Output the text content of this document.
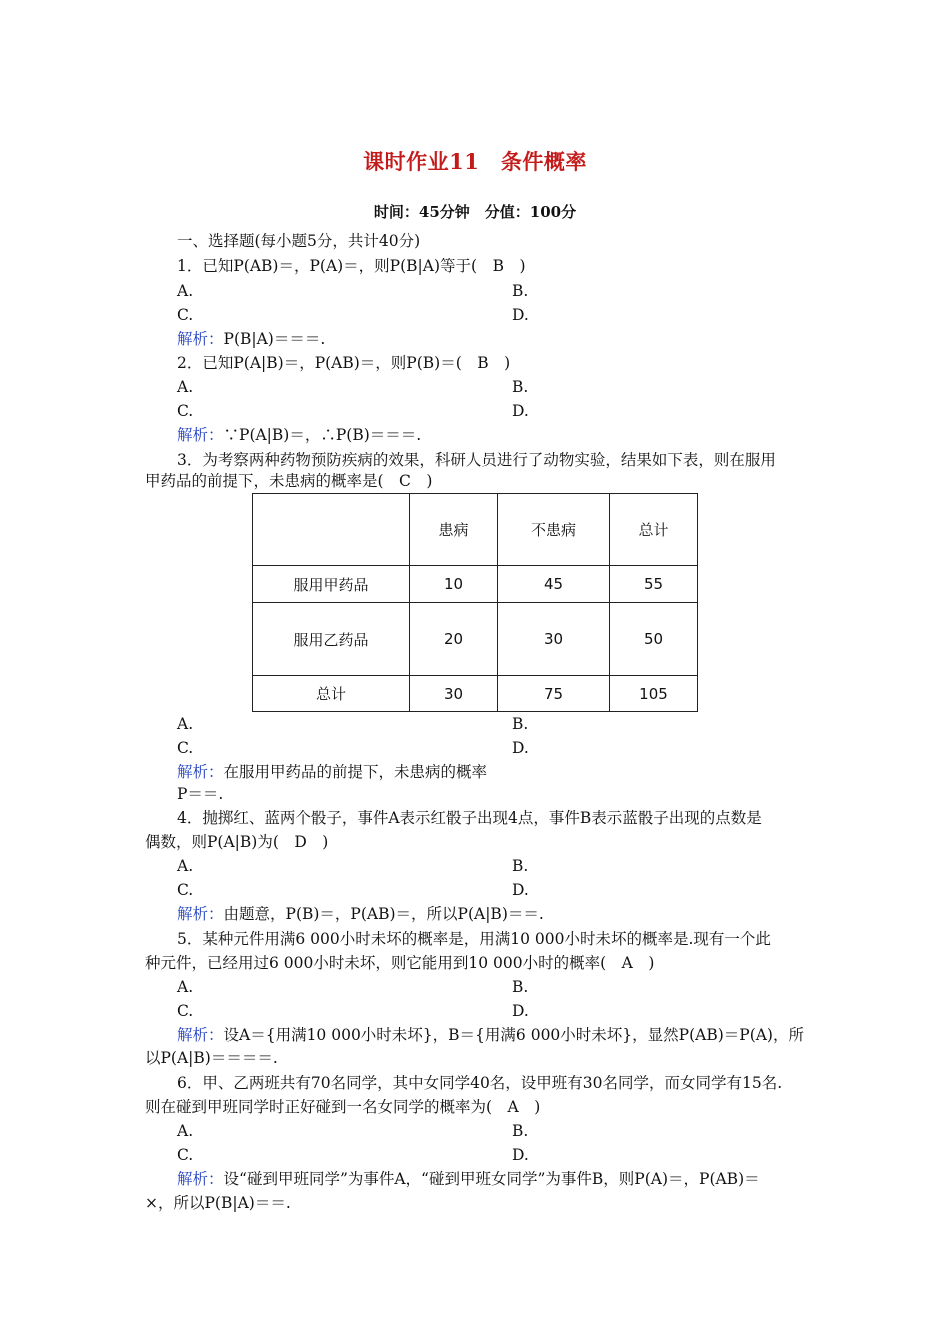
课时作业11　条件概率
时间：45分钟　分值：100分
一、选择题(每小题5分，共计40分)
1．已知P(AB)＝，P(A)＝，则P(B|A)等于(　B　)
A.	B.
C.	D.
解析：P(B|A)＝＝＝.
2．已知P(A|B)＝，P(AB)＝，则P(B)＝(　B　)
A.	B.
C.	D.
解析：∵P(A|B)＝，∴P(B)＝＝＝.
3．为考察两种药物预防疾病的效果，科研人员进行了动物实验，结果如下表，则在服用
甲药品的前提下，未患病的概率是(　C　)
	患病	不患病	总计
服用甲药品	10	45	55
服用乙药品	20	30	50
总计	30	75	105
A.	B.
C.	D.
解析：在服用甲药品的前提下，未患病的概率
P＝＝.
4．抛掷红、蓝两个骰子，事件A表示红骰子出现4点，事件B表示蓝骰子出现的点数是
偶数，则P(A|B)为(　D　)
A.	B.
C.	D.
解析：由题意，P(B)＝，P(AB)＝，所以P(A|B)＝＝.
5．某种元件用满6 000小时未坏的概率是，用满10 000小时未坏的概率是.现有一个此
种元件，已经用过6 000小时未坏，则它能用到10 000小时的概率(　A　)
A.	B.
C.	D.
解析：设A＝{用满10 000小时未坏}，B＝{用满6 000小时未坏}，显然P(AB)＝P(A)，所
以P(A|B)＝＝＝＝.
6．甲、乙两班共有70名同学，其中女同学40名，设甲班有30名同学，而女同学有15名.
则在碰到甲班同学时正好碰到一名女同学的概率为(　A　)
A.	B.
C.	D.
解析：设“碰到甲班同学”为事件A，“碰到甲班女同学”为事件B，则P(A)＝，P(AB)＝
×，所以P(B|A)＝＝.
